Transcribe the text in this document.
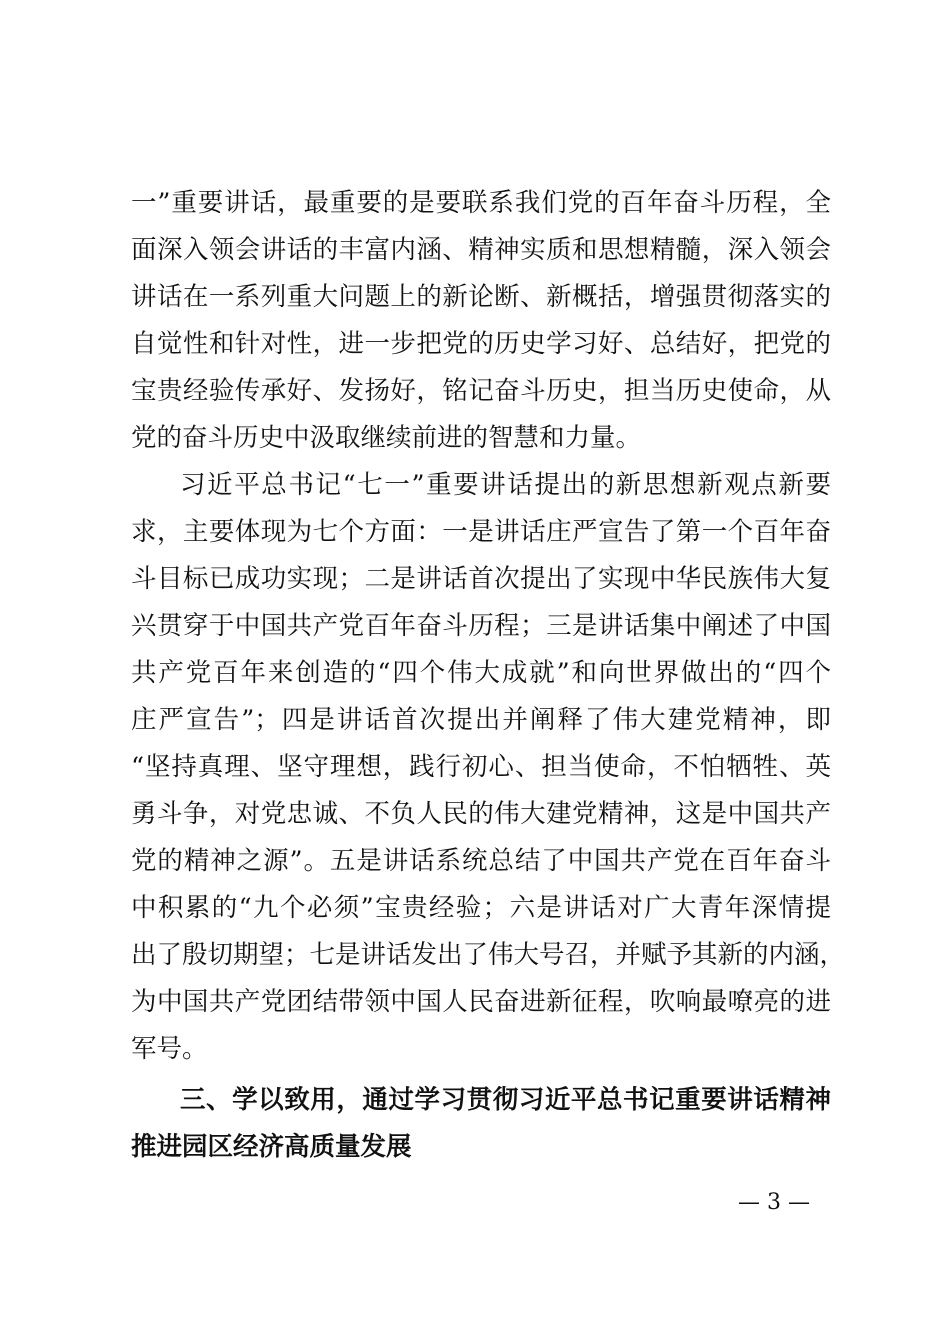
一”重要讲话，最重要的是要联系我们党的百年奋斗历程，全
面深入领会讲话的丰富内涵、精神实质和思想精髓，深入领会
讲话在一系列重大问题上的新论断、新概括，增强贯彻落实的
自觉性和针对性，进一步把党的历史学习好、总结好，把党的
宝贵经验传承好、发扬好，铭记奋斗历史，担当历史使命，从
党的奋斗历史中汲取继续前进的智慧和力量。
习近平总书记“七一”重要讲话提出的新思想新观点新要
求，主要体现为七个方面：一是讲话庄严宣告了第一个百年奋
斗目标已成功实现；二是讲话首次提出了实现中华民族伟大复
兴贯穿于中国共产党百年奋斗历程；三是讲话集中阐述了中国
共产党百年来创造的“四个伟大成就”和向世界做出的“四个
庄严宣告”；四是讲话首次提出并阐释了伟大建党精神，即
“坚持真理、坚守理想，践行初心、担当使命，不怕牺牲、英
勇斗争，对党忠诚、不负人民的伟大建党精神，这是中国共产
党的精神之源”。五是讲话系统总结了中国共产党在百年奋斗
中积累的“九个必须”宝贵经验；六是讲话对广大青年深情提
出了殷切期望；七是讲话发出了伟大号召，并赋予其新的内涵，
为中国共产党团结带领中国人民奋进新征程，吹响最嘹亮的进
军号。
三、学以致用，通过学习贯彻习近平总书记重要讲话精神
推进园区经济高质量发展
— 3 —
